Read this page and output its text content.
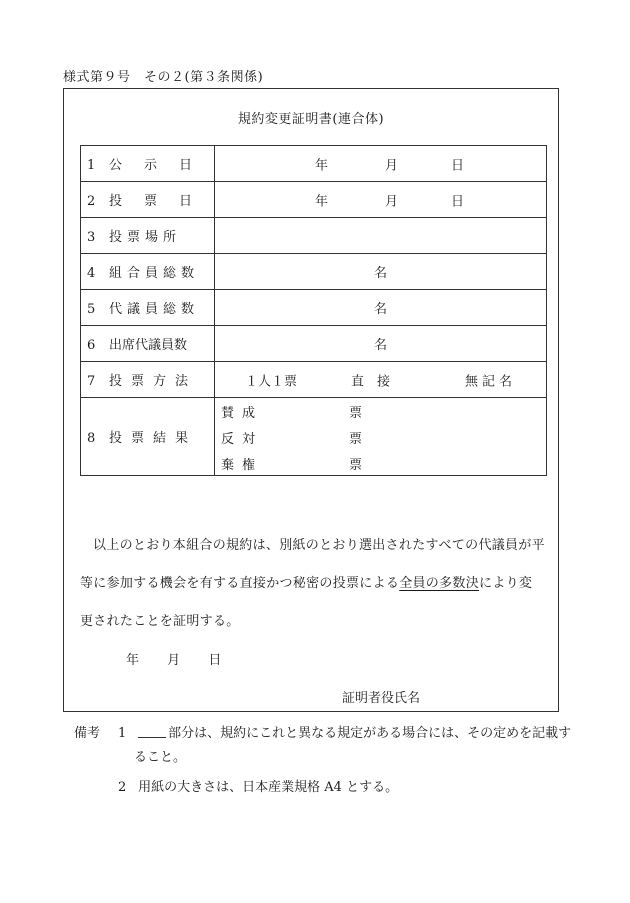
様式第９号　その２(第３条関係)
規約変更証明書(連合体)
1 公示日	年 月 日

2 投票日	年 月 日

3 投票場所	
4 組合員総数	名
5 代議員総数	名
6 出席代議員数	名
7 投票方法	１人１票 直　接 無記名

8 投票結果	賛成 票
反対 票
棄権 票
以上のとおり本組合の規約は、別紙のとおり選出されたすべての代議員が平
等に参加する機会を有する直接かつ秘密の投票による全員の多数決により変
更されたことを証明する。
年 月 日
証明者役氏名
備考 1	部分は、規約にこれと異なる規定がある場合には、その定めを記載す
ること。
2 用紙の大きさは、日本産業規格 A4 とする。
